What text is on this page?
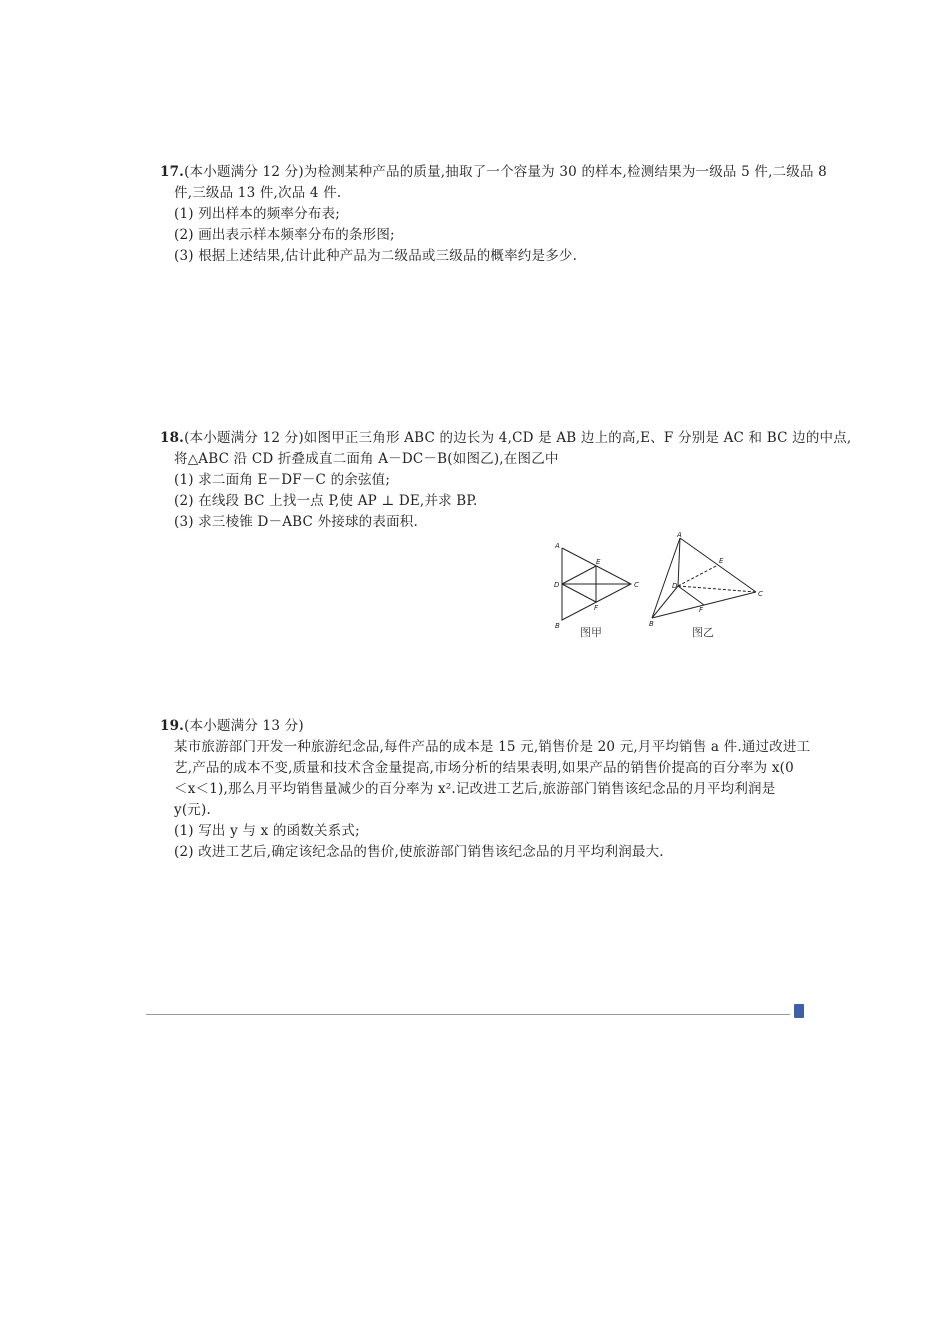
17.(本小题满分 12 分)为检测某种产品的质量,抽取了一个容量为 30 的样本,检测结果为一级品 5 件,二级品 8

件,三级品 13 件,次品 4 件.

(1) 列出样本的频率分布表;

(2) 画出表示样本频率分布的条形图;

(3) 根据上述结果,估计此种产品为二级品或三级品的概率约是多少.

18.(本小题满分 12 分)如图甲正三角形 ABC 的边长为 4,CD 是 AB 边上的高,E、F 分别是 AC 和 BC 边的中点,

将△ABC 沿 CD 折叠成直二面角 A－DC－B(如图乙),在图乙中

(1) 求二面角 E－DF－C 的余弦值;

(2) 在线段 BC 上找一点 P,使 AP ⊥ DE,并求 BP.

(3) 求三棱锥 D－ABC 外接球的表面积.

A
B
C
D
E
F
图甲
A
B
C
D
E
F
图乙

19.(本小题满分 13 分)

某市旅游部门开发一种旅游纪念品,每件产品的成本是 15 元,销售价是 20 元,月平均销售 a 件.通过改进工

艺,产品的成本不变,质量和技术含金量提高,市场分析的结果表明,如果产品的销售价提高的百分率为 x(0

＜x＜1),那么月平均销售量减少的百分率为 x².记改进工艺后,旅游部门销售该纪念品的月平均利润是

y(元).

(1) 写出 y 与 x 的函数关系式;

(2) 改进工艺后,确定该纪念品的售价,使旅游部门销售该纪念品的月平均利润最大.
